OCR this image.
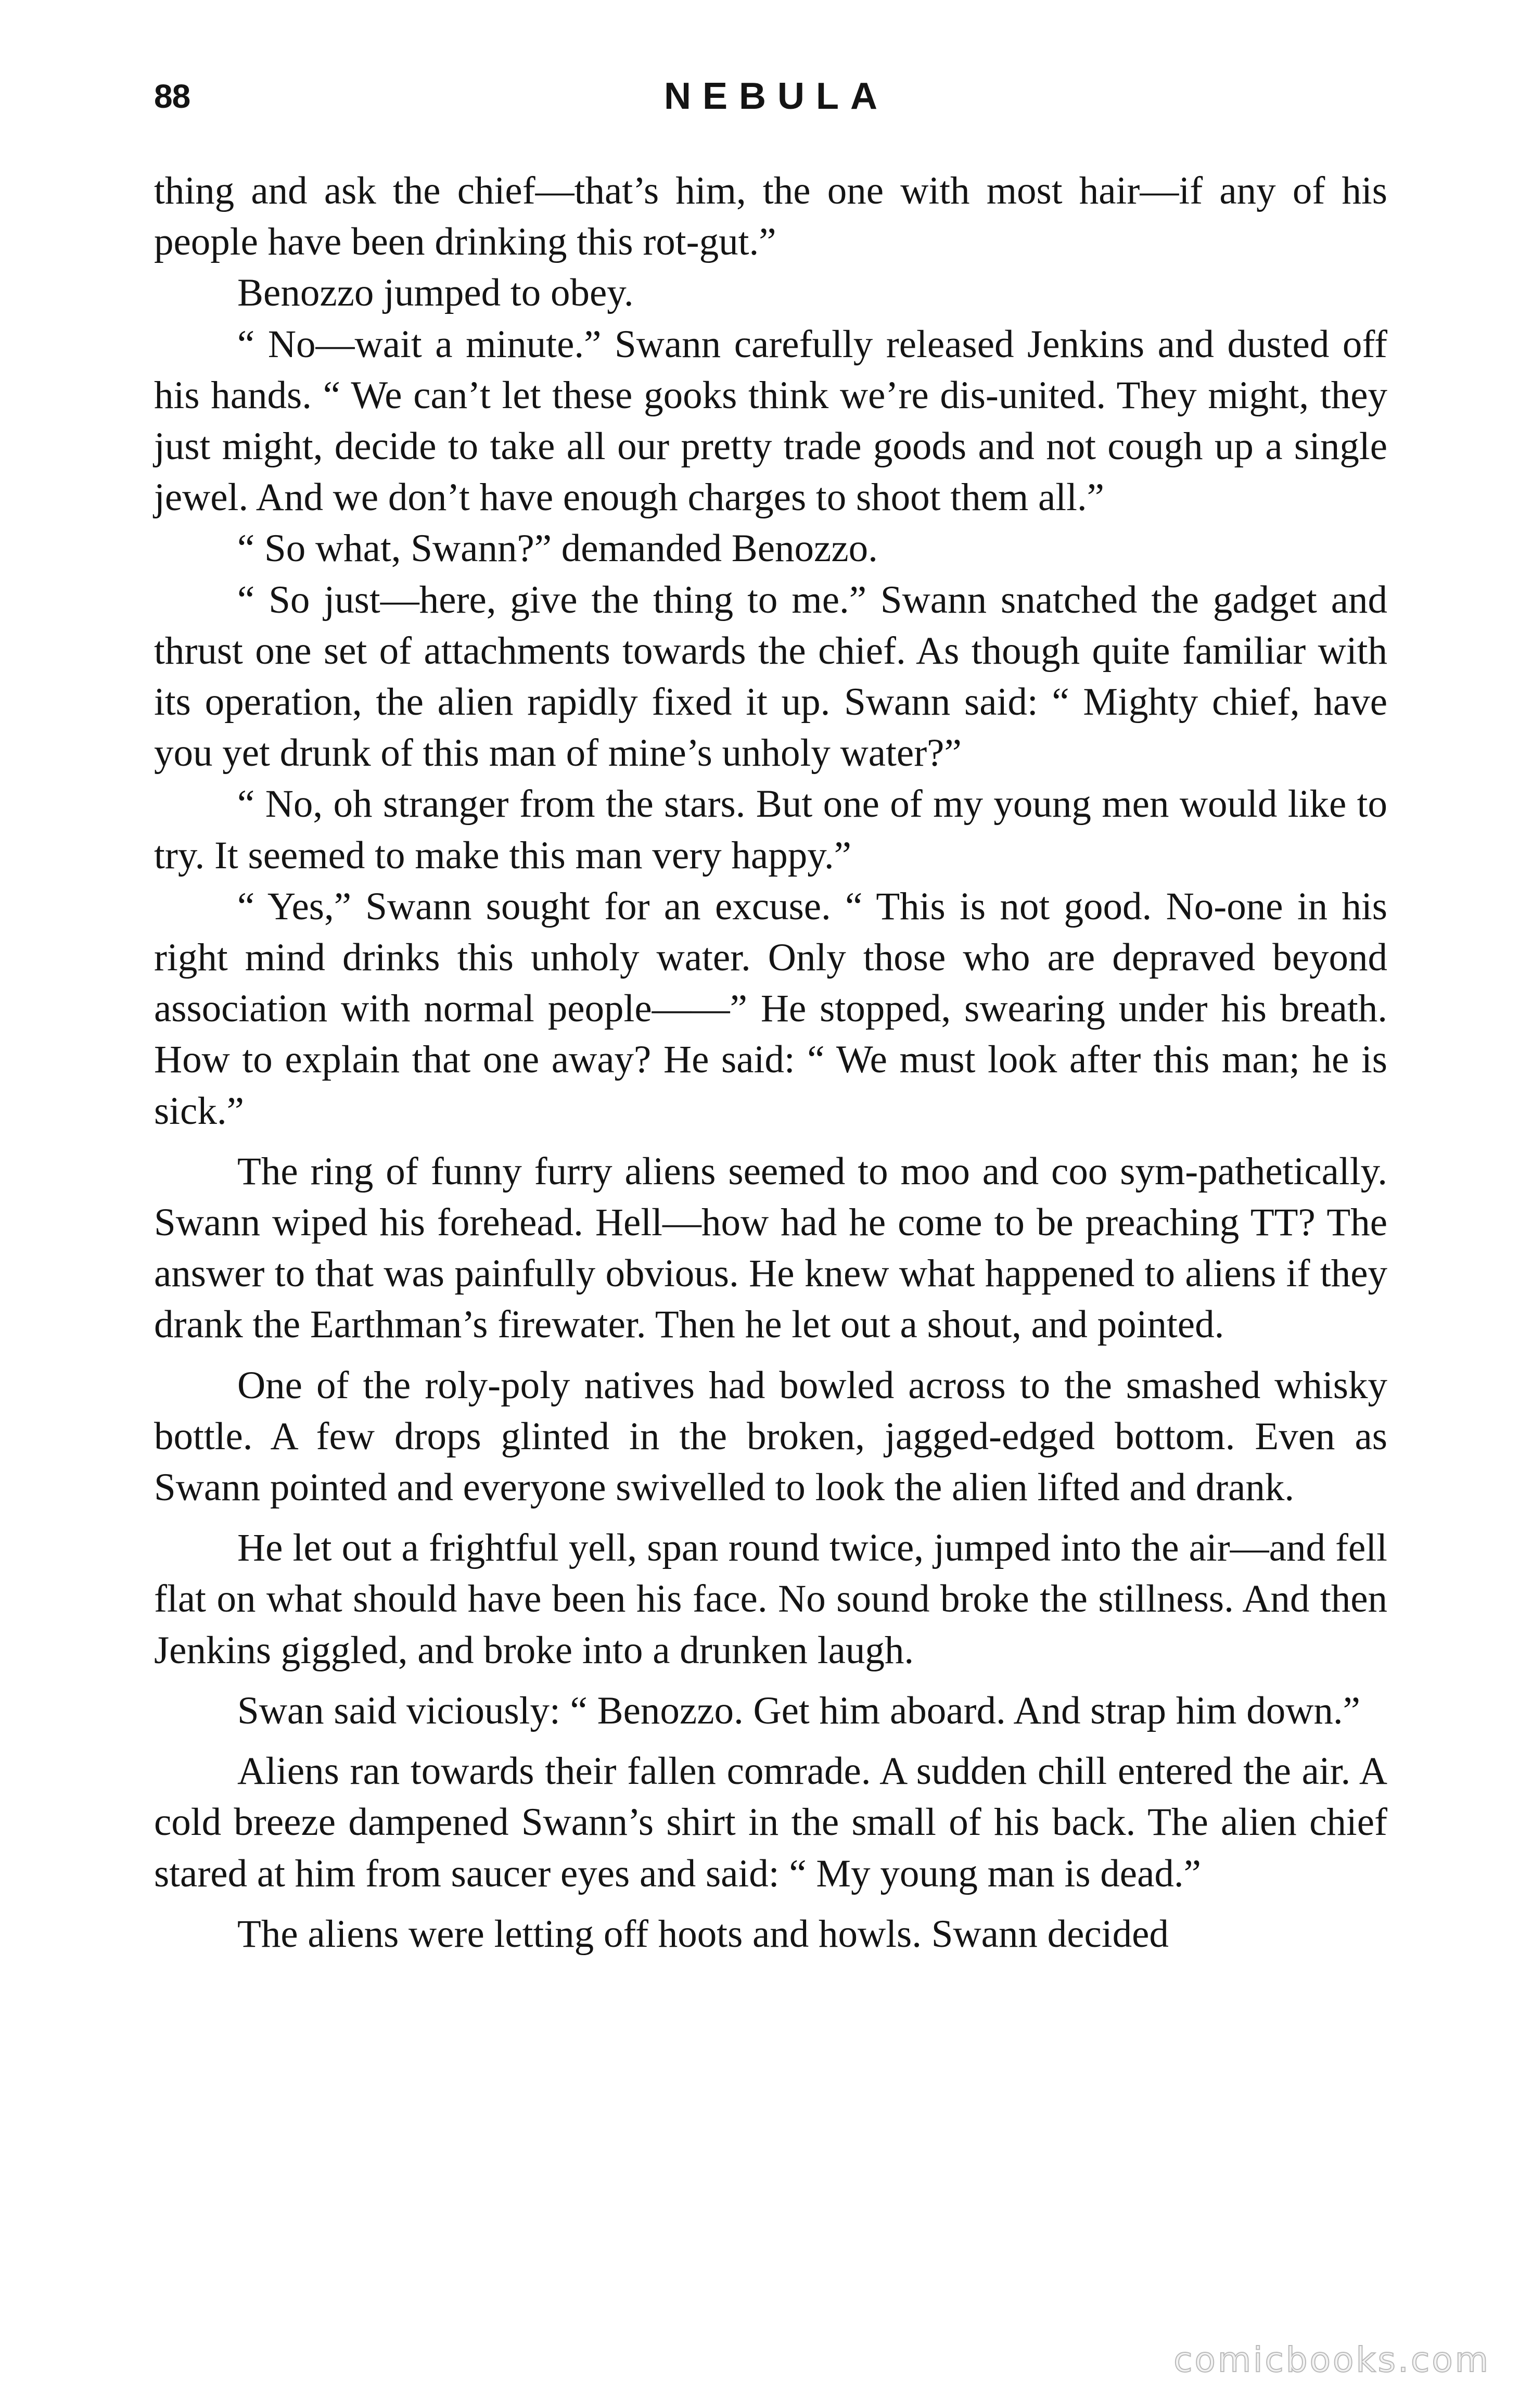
88	NEBULA

thing and ask the chief—that’s him, the one with most hair—if any of his people have been drinking this rot-gut.”

Benozzo jumped to obey.

“ No—wait a minute.” Swann carefully released Jenkins and dusted off his hands. “ We can’t let these gooks think we’re dis-united. They might, they just might, decide to take all our pretty trade goods and not cough up a single jewel. And we don’t have enough charges to shoot them all.”

“ So what, Swann?” demanded Benozzo.

“ So just—here, give the thing to me.” Swann snatched the gadget and thrust one set of attachments towards the chief. As though quite familiar with its operation, the alien rapidly fixed it up. Swann said: “ Mighty chief, have you yet drunk of this man of mine’s unholy water?”

“ No, oh stranger from the stars. But one of my young men would like to try. It seemed to make this man very happy.”

“ Yes,” Swann sought for an excuse. “ This is not good. No-one in his right mind drinks this unholy water. Only those who are depraved beyond association with normal people——” He stopped, swearing under his breath. How to explain that one away? He said: “ We must look after this man; he is sick.”

The ring of funny furry aliens seemed to moo and coo sym-pathetically. Swann wiped his forehead. Hell—how had he come to be preaching TT? The answer to that was painfully obvious. He knew what happened to aliens if they drank the Earthman’s firewater. Then he let out a shout, and pointed.

One of the roly-poly natives had bowled across to the smashed whisky bottle. A few drops glinted in the broken, jagged-edged bottom. Even as Swann pointed and everyone swivelled to look the alien lifted and drank.

He let out a frightful yell, span round twice, jumped into the air—and fell flat on what should have been his face. No sound broke the stillness. And then Jenkins giggled, and broke into a drunken laugh.

Swan said viciously: “ Benozzo. Get him aboard. And strap him down.”

Aliens ran towards their fallen comrade. A sudden chill entered the air. A cold breeze dampened Swann’s shirt in the small of his back. The alien chief stared at him from saucer eyes and said: “ My young man is dead.”

The aliens were letting off hoots and howls. Swann decided

comicbooks.com
